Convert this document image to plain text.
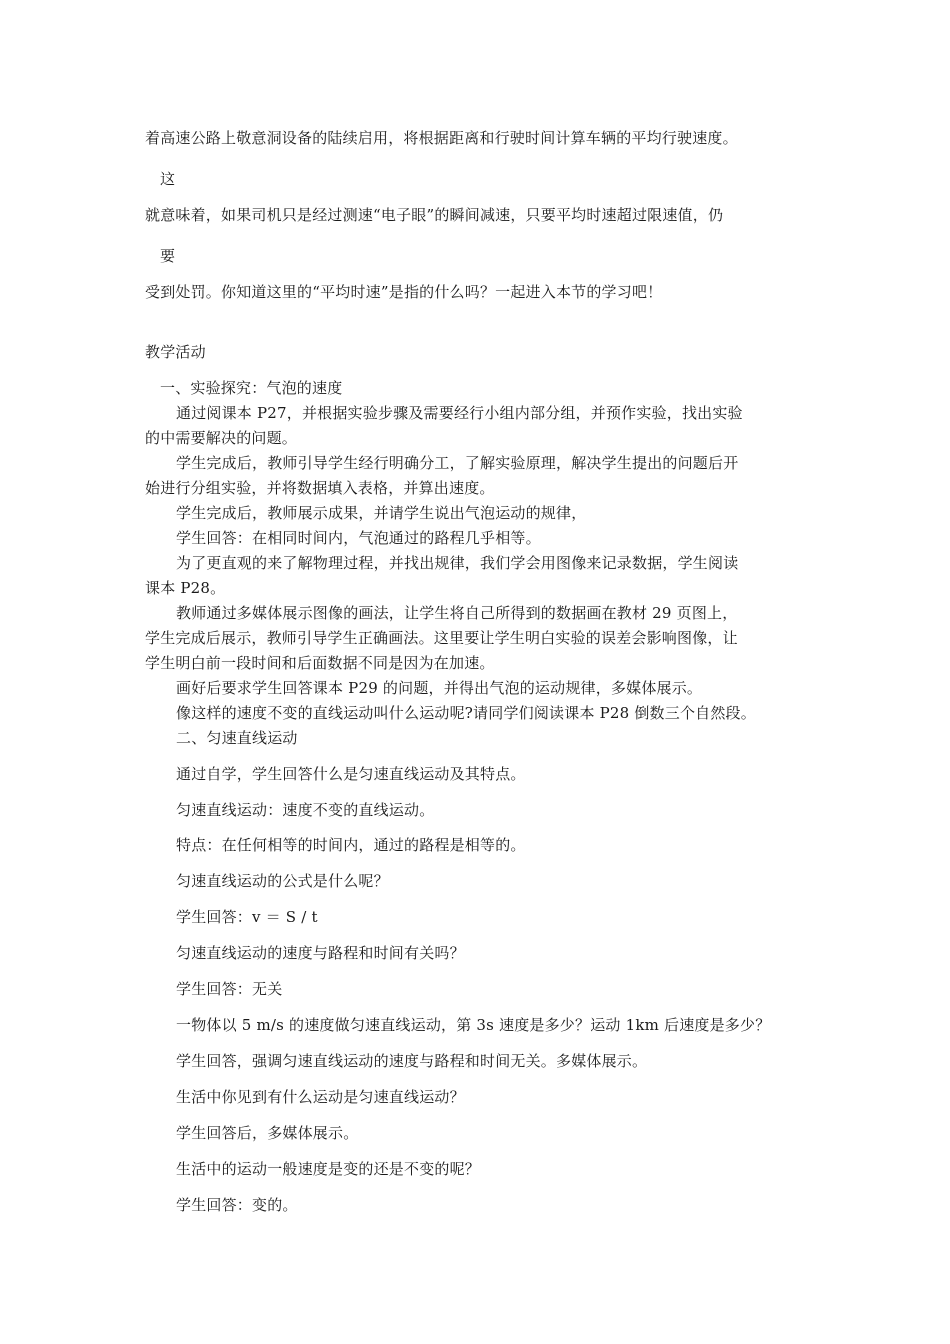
着高速公路上敬意洞设备的陆续启用，将根据距离和行驶时间计算车辆的平均行驶速度。

这

就意味着，如果司机只是经过测速“电子眼”的瞬间减速，只要平均时速超过限速值，仍

要

受到处罚。你知道这里的“平均时速”是指的什么吗？一起进入本节的学习吧！

教学活动

一、实验探究：气泡的速度

通过阅课本 P27，并根据实验步骤及需要经行小组内部分组，并预作实验，找出实验

的中需要解决的问题。

学生完成后，教师引导学生经行明确分工，了解实验原理，解决学生提出的问题后开

始进行分组实验，并将数据填入表格，并算出速度。

学生完成后，教师展示成果，并请学生说出气泡运动的规律，

学生回答：在相同时间内，气泡通过的路程几乎相等。

为了更直观的来了解物理过程，并找出规律，我们学会用图像来记录数据，学生阅读

课本 P28。

教师通过多媒体展示图像的画法，让学生将自己所得到的数据画在教材 29 页图上，

学生完成后展示，教师引导学生正确画法。这里要让学生明白实验的误差会影响图像，让

学生明白前一段时间和后面数据不同是因为在加速。

画好后要求学生回答课本 P29 的问题，并得出气泡的运动规律，多媒体展示。

像这样的速度不变的直线运动叫什么运动呢?请同学们阅读课本 P28 倒数三个自然段。

二、匀速直线运动

通过自学，学生回答什么是匀速直线运动及其特点。

匀速直线运动：速度不变的直线运动。

特点：在任何相等的时间内，通过的路程是相等的。

匀速直线运动的公式是什么呢？

学生回答：v ＝ S / t

匀速直线运动的速度与路程和时间有关吗？

学生回答：无关

一物体以 5 m/s 的速度做匀速直线运动，第 3s 速度是多少？运动 1km 后速度是多少？

学生回答，强调匀速直线运动的速度与路程和时间无关。多媒体展示。

生活中你见到有什么运动是匀速直线运动？

学生回答后，多媒体展示。

生活中的运动一般速度是变的还是不变的呢？

学生回答：变的。
